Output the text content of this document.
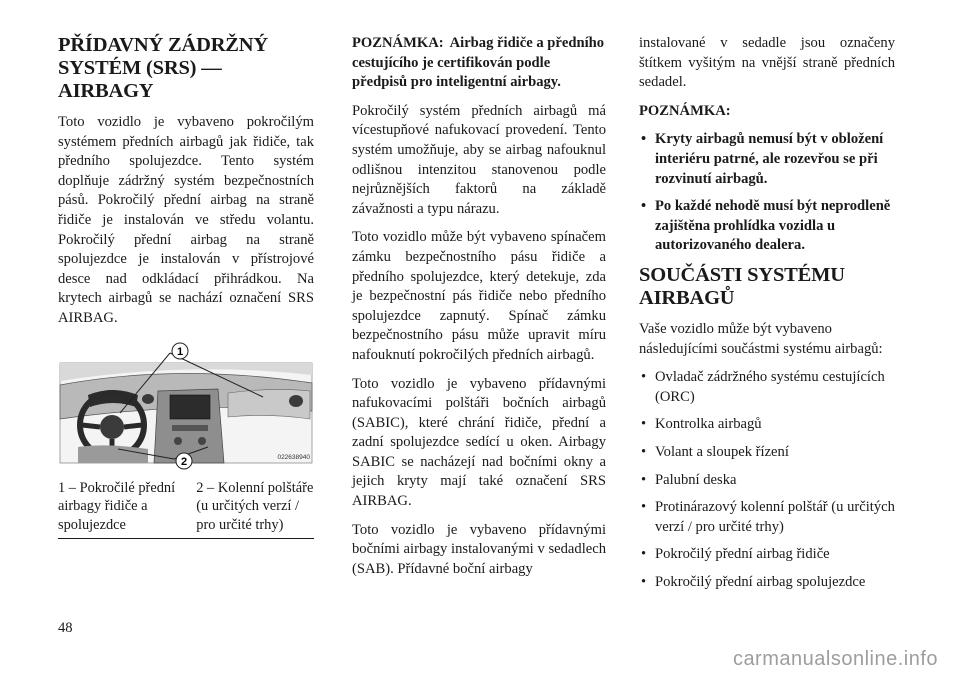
PŘÍDAVNÝ ZÁDRŽNÝ
SYSTÉM (SRS) — AIRBAGY

Toto vozidlo je vybaveno pokročilým systémem předních airbagů jak řidiče, tak předního spolujezdce. Tento systém doplňuje zádržný systém bezpečnostních pásů. Pokročilý přední airbag na straně řidiče je instalován ve středu volantu. Pokročilý přední airbag na straně spolujezdce je instalován v přístrojové desce nad odkládací přihrádkou. Na krytech airbagů se nachází označení SRS AIRBAG.

1
2	022638940
1 – Pokročilé přední airbagy řidiče a spolujezdce
2 – Kolenní polštáře (u určitých verzí / pro určité trhy)

POZNÁMKA: Airbag řidiče a předního cestujícího je certifikován podle předpisů pro inteligentní airbagy.

Pokročilý systém předních airbagů má vícestupňové nafukovací provedení. Tento systém umožňuje, aby se airbag nafouknul odlišnou intenzitou stanovenou podle nejrůznějších faktorů na základě závažnosti a typu nárazu.

Toto vozidlo může být vybaveno spínačem zámku bezpečnostního pásu řidiče a předního spolujezdce, který detekuje, zda je bezpečnostní pás řidiče nebo předního spolujezdce zapnutý. Spínač zámku bezpečnostního pásu může upravit míru nafouknutí pokročilých předních airbagů.

Toto vozidlo je vybaveno přídavnými nafukovacími polštáři bočních airbagů (SABIC), které chrání řidiče, přední a zadní spolujezdce sedící u oken. Airbagy SABIC se nacházejí nad bočními okny a jejich kryty mají také označení SRS AIRBAG.

Toto vozidlo je vybaveno přídavnými bočními airbagy instalovanými v sedadlech (SAB). Přídavné boční airbagy

instalované v sedadle jsou označeny štítkem vyšitým na vnější straně předních sedadel.

POZNÁMKA:

• Kryty airbagů nemusí být v obložení interiéru patrné, ale rozevřou se při rozvinutí airbagů.
• Po každé nehodě musí být neprodleně zajištěna prohlídka vozidla u autorizovaného dealera.
SOUČÁSTI SYSTÉMU
AIRBAGŮ

Vaše vozidlo může být vybaveno následujícími součástmi systému airbagů:

• Ovladač zádržného systému cestujících (ORC)
• Kontrolka airbagů
• Volant a sloupek řízení
• Palubní deska
• Protinárazový kolenní polštář (u určitých verzí / pro určité trhy)
• Pokročilý přední airbag řidiče
• Pokročilý přední airbag spolujezdce
48
carmanualsonline.info
